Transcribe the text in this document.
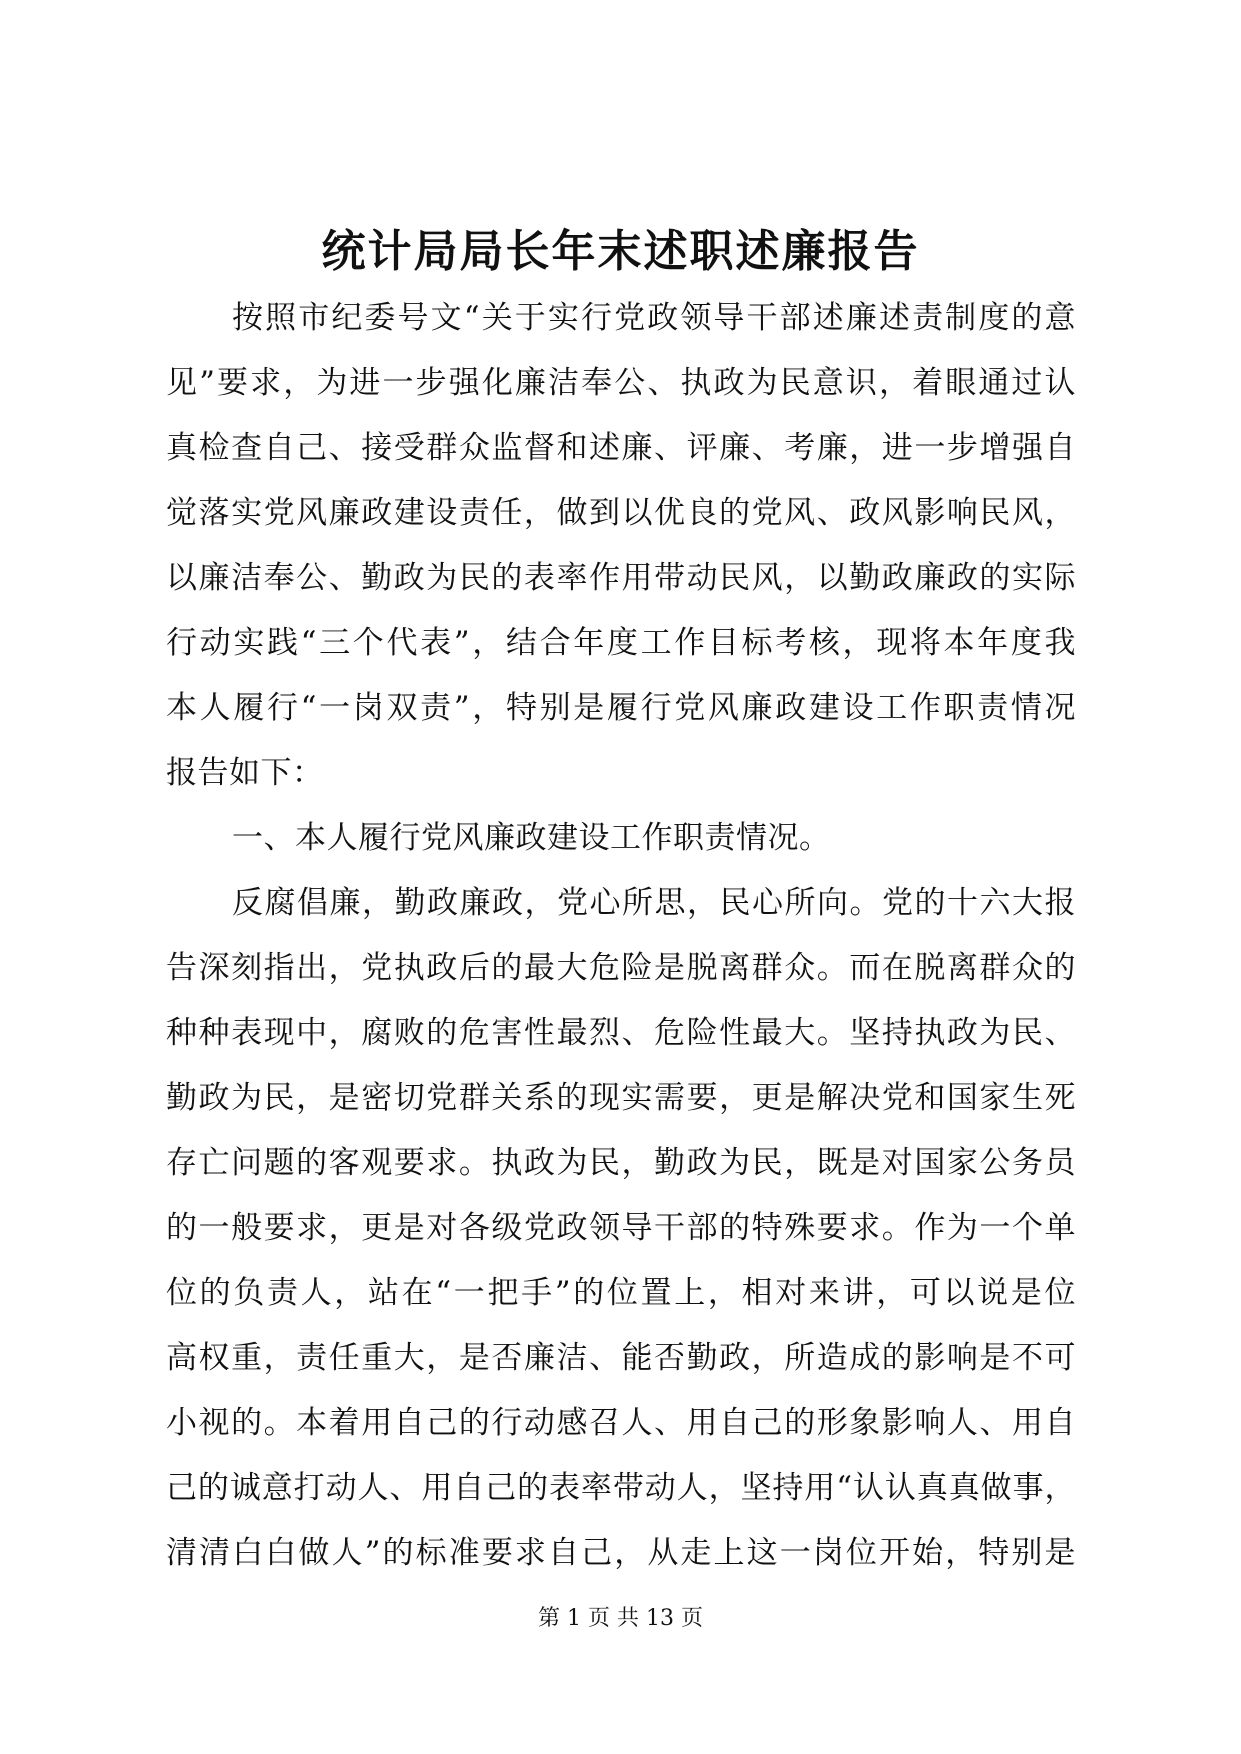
统计局局长年末述职述廉报告
按照市纪委号文“关于实行党政领导干部述廉述责制度的意
见”要求，为进一步强化廉洁奉公、执政为民意识，着眼通过认
真检查自己、接受群众监督和述廉、评廉、考廉，进一步增强自
觉落实党风廉政建设责任，做到以优良的党风、政风影响民风，
以廉洁奉公、勤政为民的表率作用带动民风，以勤政廉政的实际
行动实践“三个代表”，结合年度工作目标考核，现将本年度我
本人履行“一岗双责”，特别是履行党风廉政建设工作职责情况
报告如下：
一、本人履行党风廉政建设工作职责情况。
反腐倡廉，勤政廉政，党心所思，民心所向。党的十六大报
告深刻指出，党执政后的最大危险是脱离群众。而在脱离群众的
种种表现中，腐败的危害性最烈、危险性最大。坚持执政为民、
勤政为民，是密切党群关系的现实需要，更是解决党和国家生死
存亡问题的客观要求。执政为民，勤政为民，既是对国家公务员
的一般要求，更是对各级党政领导干部的特殊要求。作为一个单
位的负责人，站在“一把手”的位置上，相对来讲，可以说是位
高权重，责任重大，是否廉洁、能否勤政，所造成的影响是不可
小视的。本着用自己的行动感召人、用自己的形象影响人、用自
己的诚意打动人、用自己的表率带动人，坚持用“认认真真做事，
清清白白做人”的标准要求自己，从走上这一岗位开始，特别是
第 1 页 共 13 页
